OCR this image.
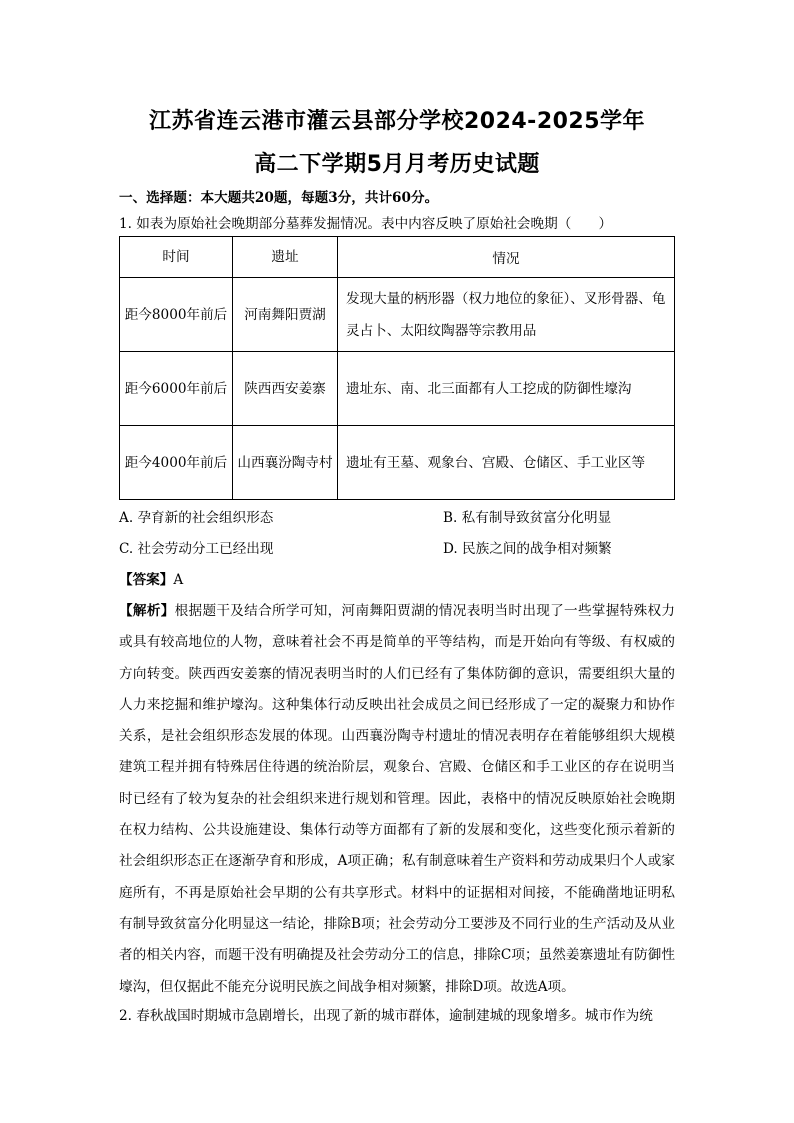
江苏省连云港市灌云县部分学校2024-2025学年
高二下学期5月月考历史试题
一、选择题：本大题共20题，每题3分，共计60分。
1. 如表为原始社会晚期部分墓葬发掘情况。表中内容反映了原始社会晚期（　　）
时间	遗址	情况
距今8000年前后	河南舞阳贾湖	发现大量的柄形器（权力地位的象征）、叉形骨器、龟灵占卜、太阳纹陶器等宗教用品
距今6000年前后	陕西西安姜寨	遗址东、南、北三面都有人工挖成的防御性壕沟
距今4000年前后	山西襄汾陶寺村	遗址有王墓、观象台、宫殿、仓储区、手工业区等
A. 孕育新的社会组织形态	B. 私有制导致贫富分化明显
C. 社会劳动分工已经出现	D. 民族之间的战争相对频繁
【答案】A
【解析】根据题干及结合所学可知，河南舞阳贾湖的情况表明当时出现了一些掌握特殊权力或具有较高地位的人物，意味着社会不再是简单的平等结构，而是开始向有等级、有权威的方向转变。陕西西安姜寨的情况表明当时的人们已经有了集体防御的意识，需要组织大量的人力来挖掘和维护壕沟。这种集体行动反映出社会成员之间已经形成了一定的凝聚力和协作关系，是社会组织形态发展的体现。山西襄汾陶寺村遗址的情况表明存在着能够组织大规模建筑工程并拥有特殊居住待遇的统治阶层，观象台、宫殿、仓储区和手工业区的存在说明当时已经有了较为复杂的社会组织来进行规划和管理。因此，表格中的情况反映原始社会晚期在权力结构、公共设施建设、集体行动等方面都有了新的发展和变化，这些变化预示着新的社会组织形态正在逐渐孕育和形成，A项正确；私有制意味着生产资料和劳动成果归个人或家庭所有，不再是原始社会早期的公有共享形式。材料中的证据相对间接，不能确凿地证明私有制导致贫富分化明显这一结论，排除B项；社会劳动分工要涉及不同行业的生产活动及从业者的相关内容，而题干没有明确提及社会劳动分工的信息，排除C项；虽然姜寨遗址有防御性壕沟，但仅据此不能充分说明民族之间战争相对频繁，排除D项。故选A项。
2. 春秋战国时期城市急剧增长，出现了新的城市群体，逾制建城的现象增多。城市作为统
